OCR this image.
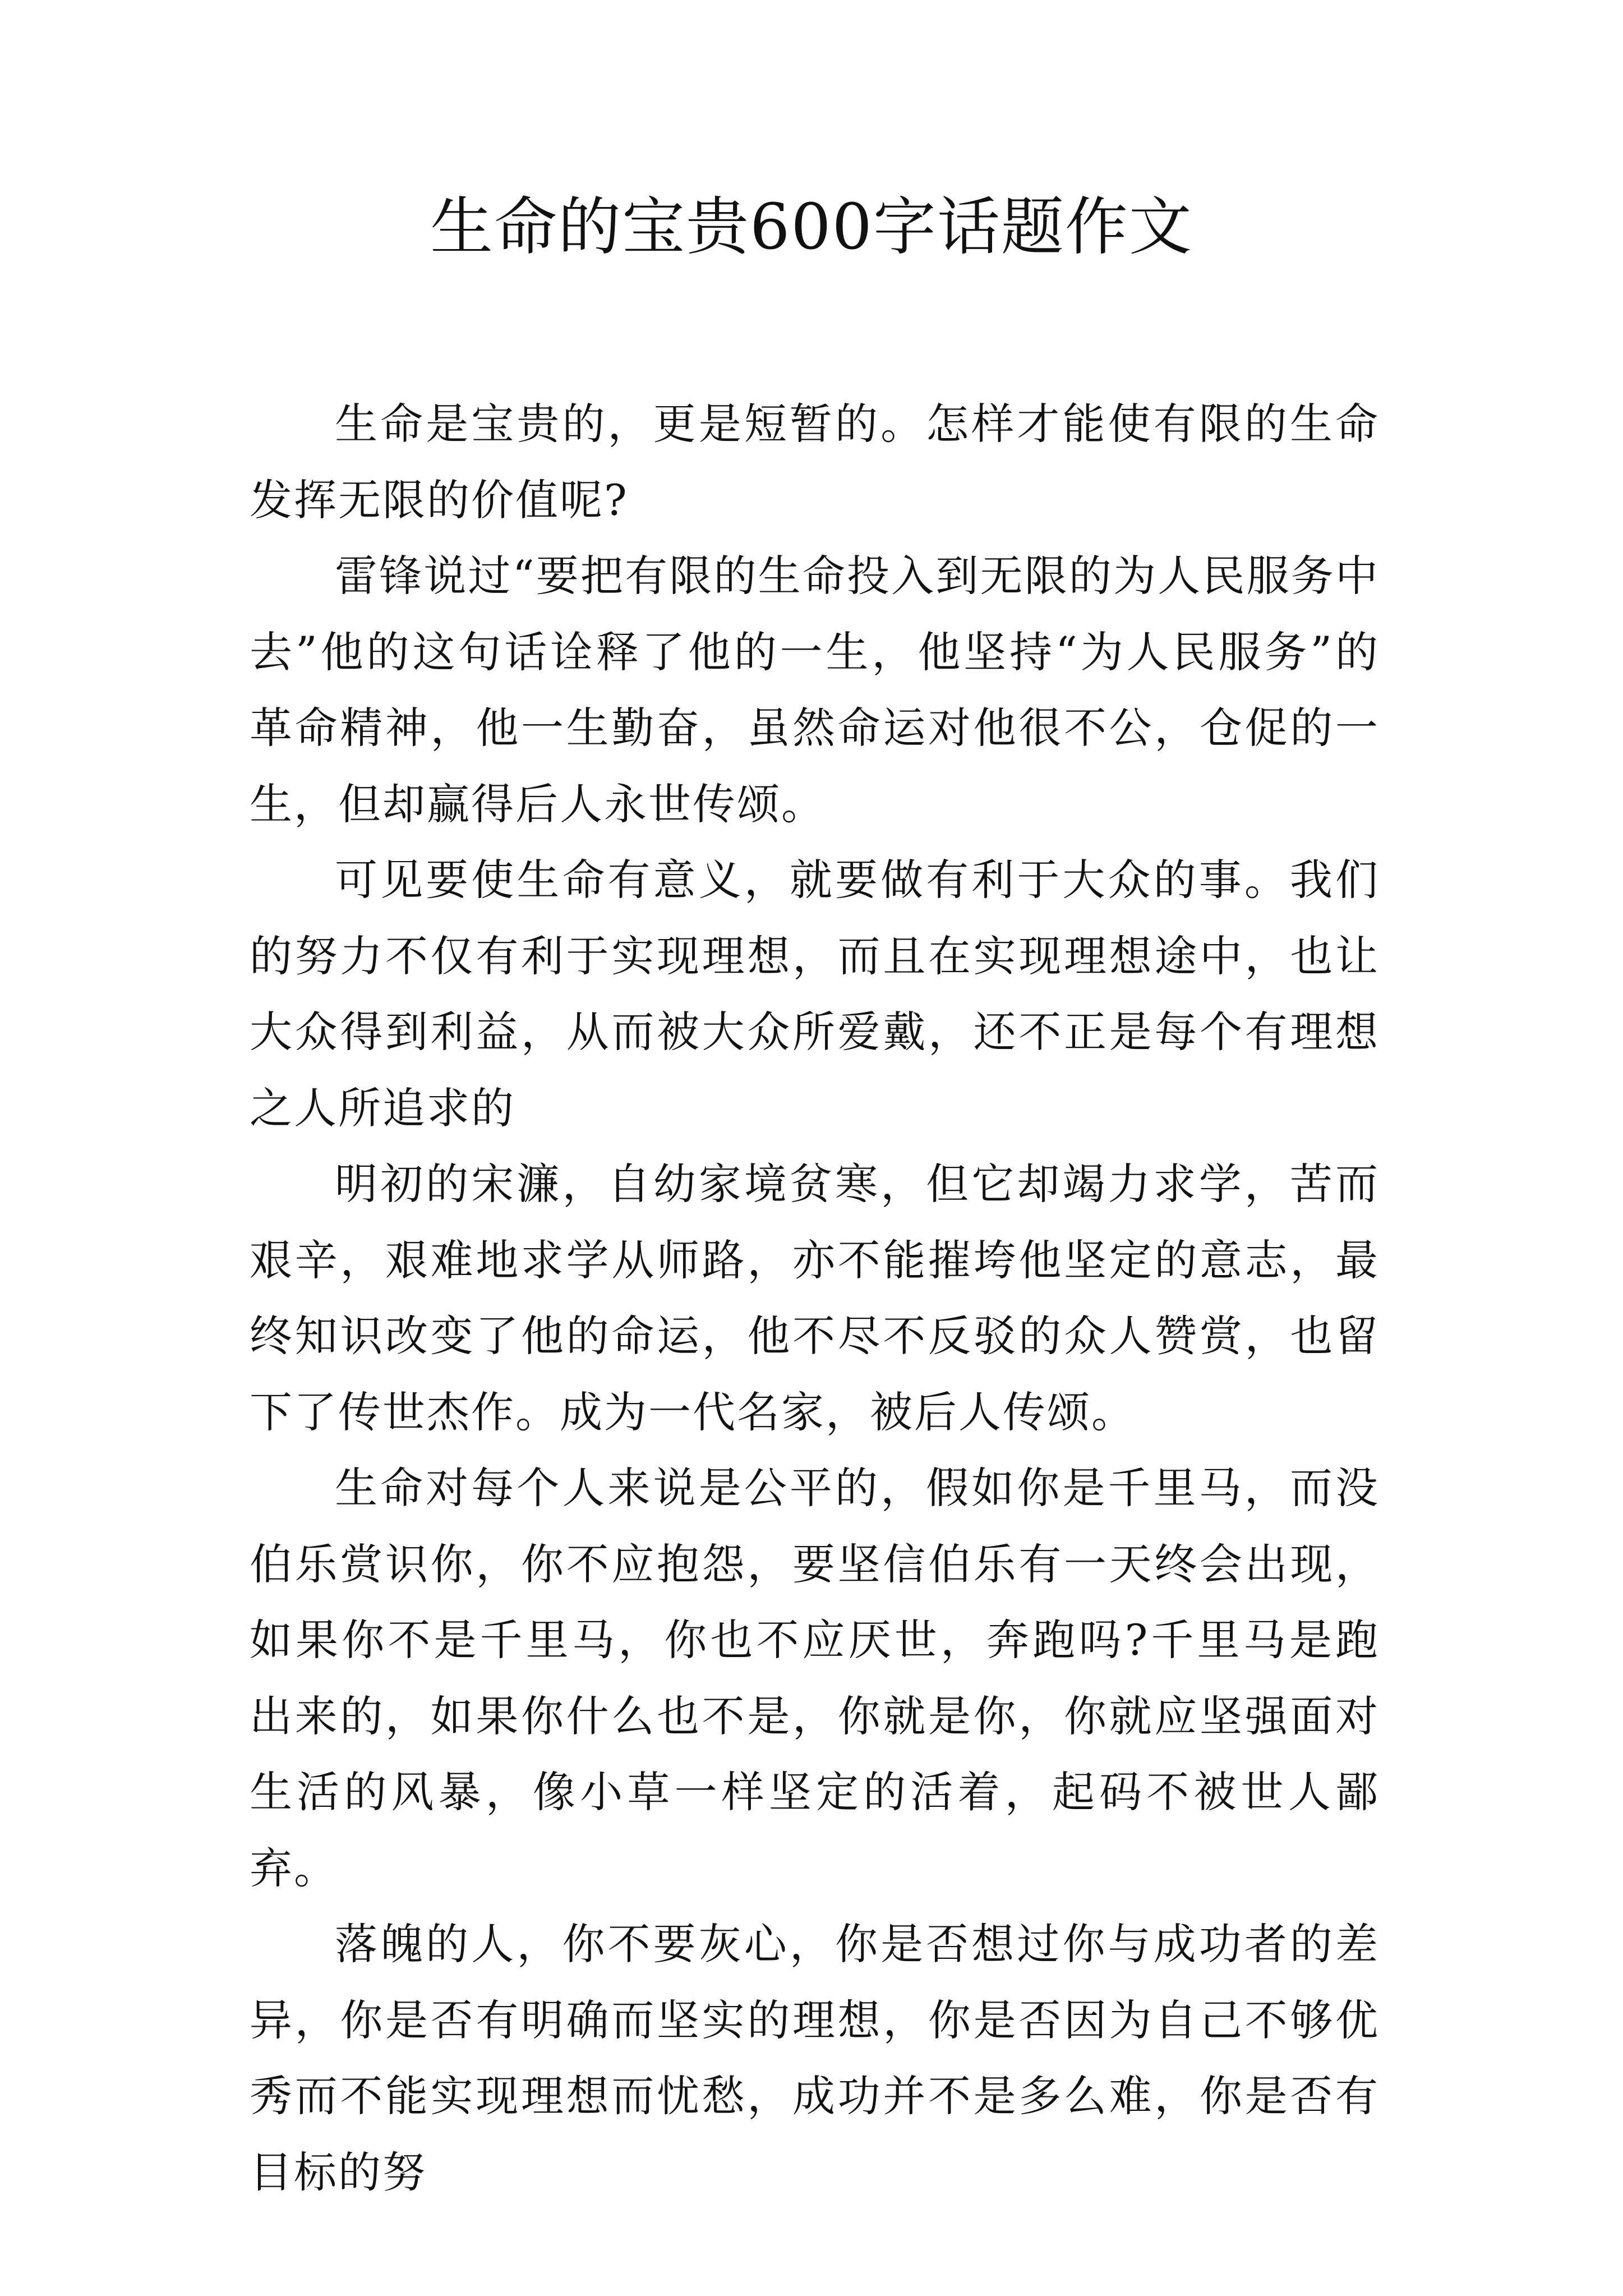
生命的宝贵600字话题作文

生命是宝贵的，更是短暂的。怎样才能使有限的生命发挥无限的价值呢?

雷锋说过“要把有限的生命投入到无限的为人民服务中去”他的这句话诠释了他的一生，他坚持“为人民服务”的革命精神，他一生勤奋，虽然命运对他很不公，仓促的一生，但却赢得后人永世传颂。

可见要使生命有意义，就要做有利于大众的事。我们的努力不仅有利于实现理想，而且在实现理想途中，也让大众得到利益，从而被大众所爱戴，还不正是每个有理想之人所追求的

明初的宋濂，自幼家境贫寒，但它却竭力求学，苦而艰辛，艰难地求学从师路，亦不能摧垮他坚定的意志，最终知识改变了他的命运，他不尽不反驳的众人赞赏，也留下了传世杰作。成为一代名家，被后人传颂。

生命对每个人来说是公平的，假如你是千里马，而没伯乐赏识你，你不应抱怨，要坚信伯乐有一天终会出现，如果你不是千里马，你也不应厌世，奔跑吗?千里马是跑出来的，如果你什么也不是，你就是你，你就应坚强面对生活的风暴，像小草一样坚定的活着，起码不被世人鄙弃。

落魄的人，你不要灰心，你是否想过你与成功者的差异，你是否有明确而坚实的理想，你是否因为自己不够优秀而不能实现理想而忧愁，成功并不是多么难，你是否有目标的努
